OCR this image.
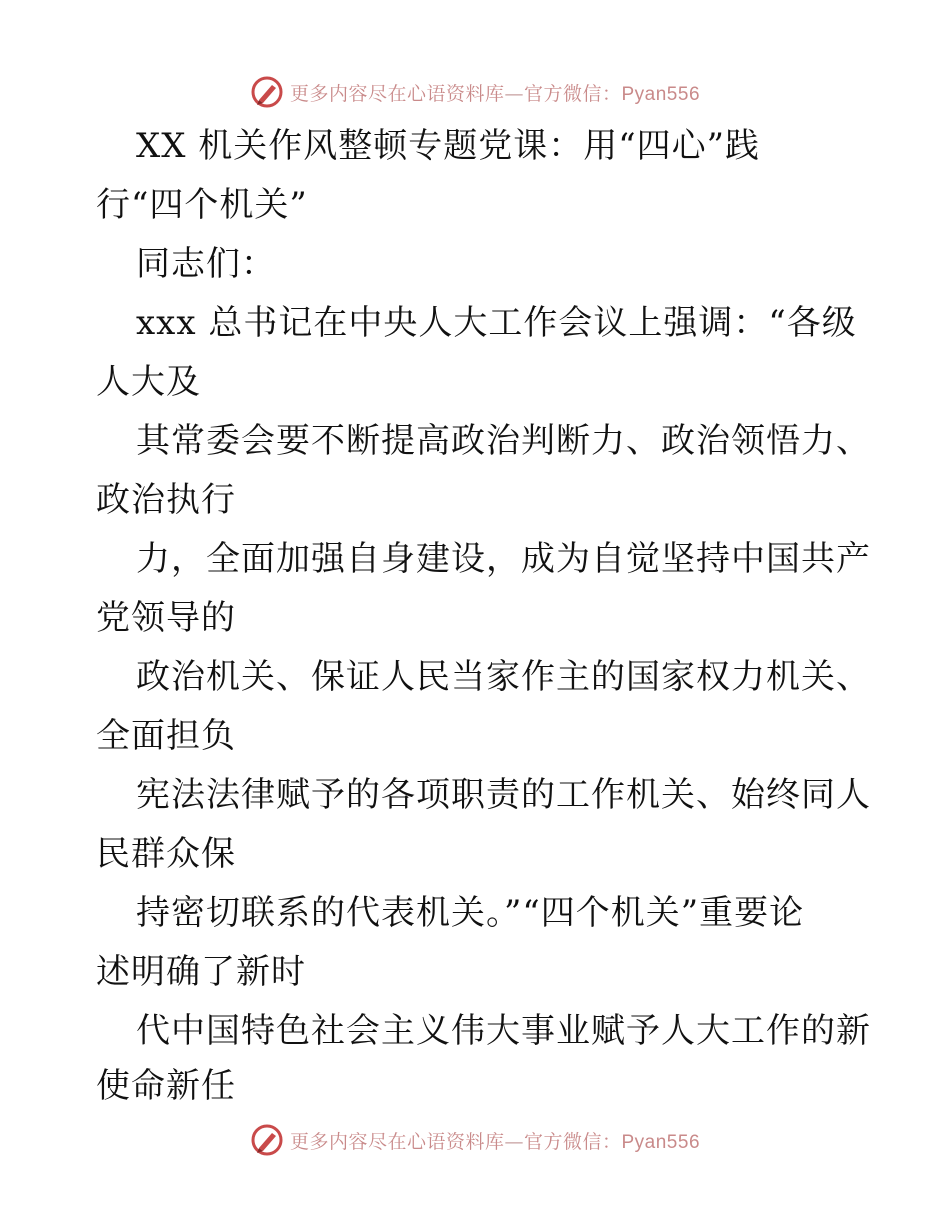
更多内容尽在心语资料库—官方微信：Pyan556
XX 机关作风整顿专题党课：用“四心”践
行“四个机关”
同志们：
xxx 总书记在中央人大工作会议上强调：“各级
人大及
其常委会要不断提高政治判断力、政治领悟力、
政治执行
力，全面加强自身建设，成为自觉坚持中国共产
党领导的
政治机关、保证人民当家作主的国家权力机关、
全面担负
宪法法律赋予的各项职责的工作机关、始终同人
民群众保
持密切联系的代表机关。”“四个机关”重要论
述明确了新时
代中国特色社会主义伟大事业赋予人大工作的新
使命新任
更多内容尽在心语资料库—官方微信：Pyan556
